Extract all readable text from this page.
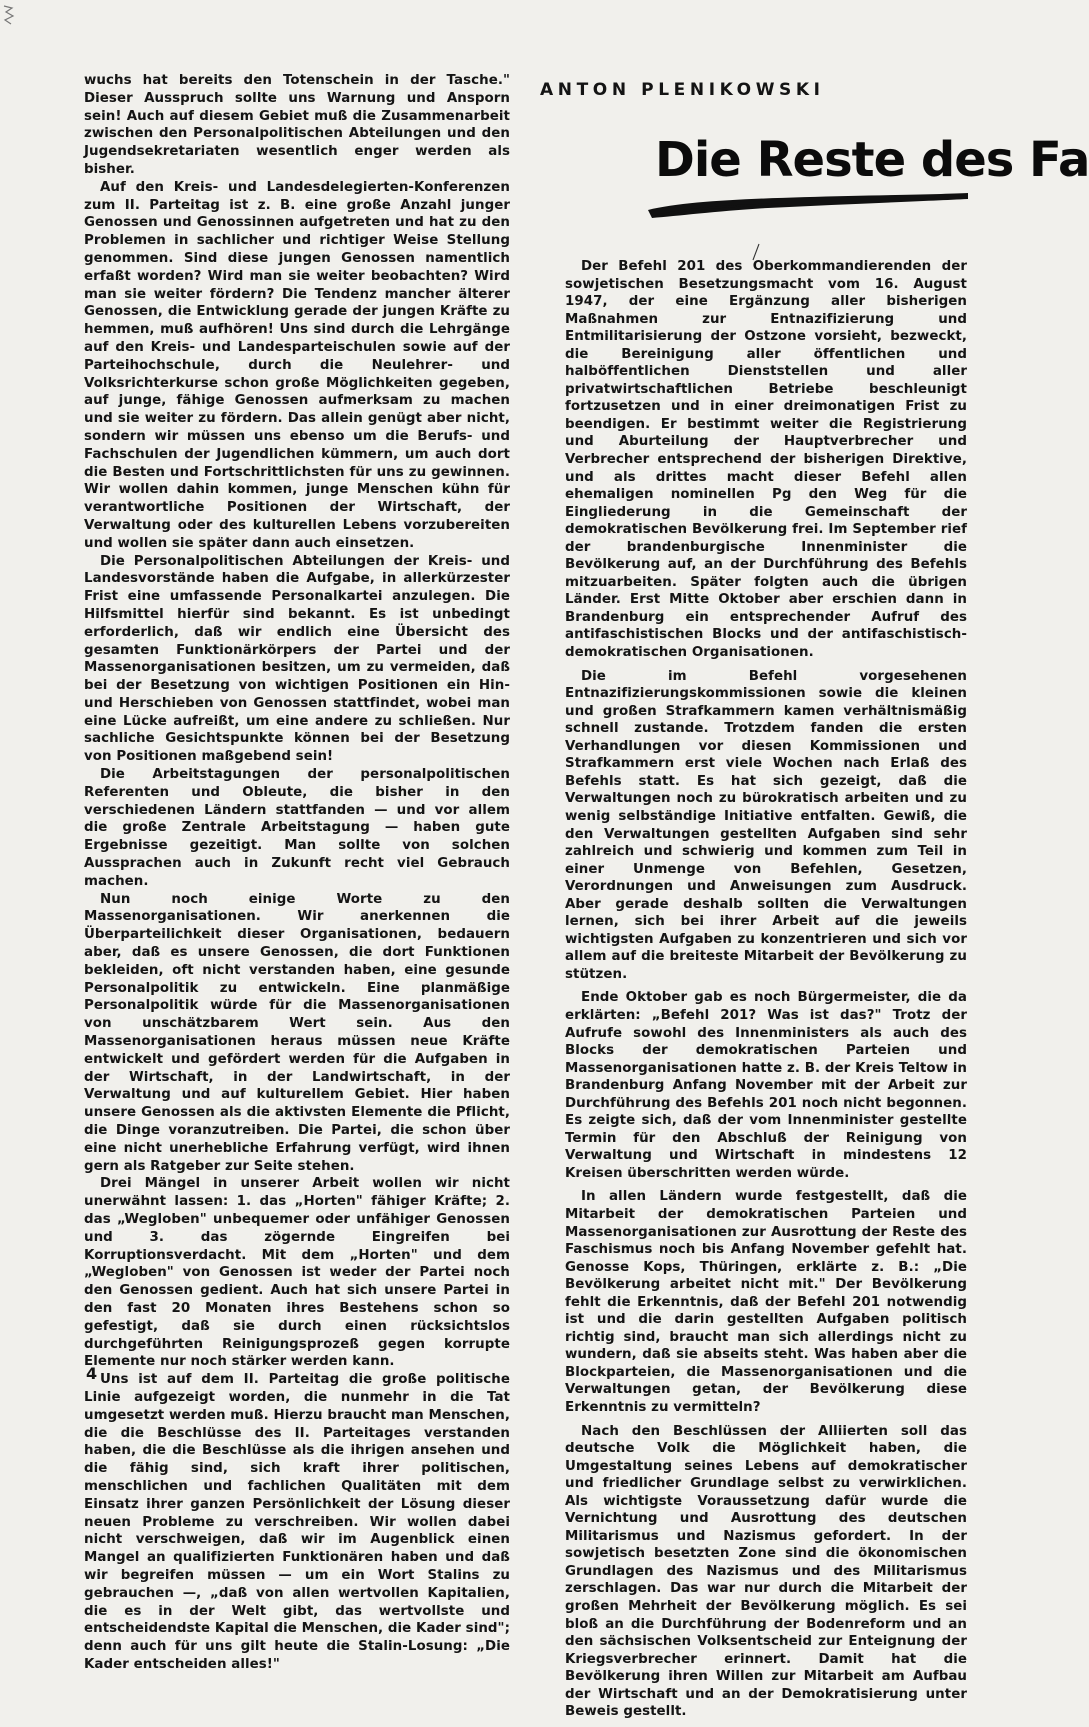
wuchs hat bereits den Totenschein in der Tasche." Dieser Ausspruch sollte uns Warnung und Ansporn sein! Auch auf diesem Gebiet muß die Zusammenarbeit zwischen den Personalpolitischen Abteilungen und den Jugendsekretariaten wesentlich enger werden als bisher.

Auf den Kreis- und Landesdelegierten-Konferenzen zum II. Parteitag ist z. B. eine große Anzahl junger Genossen und Genossinnen aufgetreten und hat zu den Problemen in sachlicher und richtiger Weise Stellung genommen. Sind diese jungen Genossen namentlich erfaßt worden? Wird man sie weiter beobachten? Wird man sie weiter fördern? Die Tendenz mancher älterer Genossen, die Entwicklung gerade der jungen Kräfte zu hemmen, muß aufhören! Uns sind durch die Lehrgänge auf den Kreis- und Landesparteischulen sowie auf der Parteihochschule, durch die Neulehrer- und Volksrichterkurse schon große Möglichkeiten gegeben, auf junge, fähige Genossen aufmerksam zu machen und sie weiter zu fördern. Das allein genügt aber nicht, sondern wir müssen uns ebenso um die Berufs- und Fachschulen der Jugendlichen kümmern, um auch dort die Besten und Fortschrittlichsten für uns zu gewinnen. Wir wollen dahin kommen, junge Menschen kühn für verantwortliche Positionen der Wirtschaft, der Verwaltung oder des kulturellen Lebens vorzubereiten und wollen sie später dann auch einsetzen.

Die Personalpolitischen Abteilungen der Kreis- und Landesvorstände haben die Aufgabe, in allerkürzester Frist eine umfassende Personalkartei anzulegen. Die Hilfsmittel hierfür sind bekannt. Es ist unbedingt erforderlich, daß wir endlich eine Übersicht des gesamten Funktionärkörpers der Partei und der Massenorganisationen besitzen, um zu vermeiden, daß bei der Besetzung von wichtigen Positionen ein Hin- und Herschieben von Genossen stattfindet, wobei man eine Lücke aufreißt, um eine andere zu schließen. Nur sachliche Gesichtspunkte können bei der Besetzung von Positionen maßgebend sein!

Die Arbeitstagungen der personalpolitischen Referenten und Obleute, die bisher in den verschiedenen Ländern stattfanden — und vor allem die große Zentrale Arbeitstagung — haben gute Ergebnisse gezeitigt. Man sollte von solchen Aussprachen auch in Zukunft recht viel Gebrauch machen.

Nun noch einige Worte zu den Massenorganisationen. Wir anerkennen die Überparteilichkeit dieser Organisationen, bedauern aber, daß es unsere Genossen, die dort Funktionen bekleiden, oft nicht verstanden haben, eine gesunde Personalpolitik zu entwickeln. Eine planmäßige Personalpolitik würde für die Massenorganisationen von unschätzbarem Wert sein. Aus den Massenorganisationen heraus müssen neue Kräfte entwickelt und gefördert werden für die Aufgaben in der Wirtschaft, in der Landwirtschaft, in der Verwaltung und auf kulturellem Gebiet. Hier haben unsere Genossen als die aktivsten Elemente die Pflicht, die Dinge voranzutreiben. Die Partei, die schon über eine nicht unerhebliche Erfahrung verfügt, wird ihnen gern als Ratgeber zur Seite stehen.

Drei Mängel in unserer Arbeit wollen wir nicht unerwähnt lassen: 1. das „Horten" fähiger Kräfte; 2. das „Wegloben" unbequemer oder unfähiger Genossen und 3. das zögernde Eingreifen bei Korruptionsverdacht. Mit dem „Horten" und dem „Wegloben" von Genossen ist weder der Partei noch den Genossen gedient. Auch hat sich unsere Partei in den fast 20 Monaten ihres Bestehens schon so gefestigt, daß sie durch einen rücksichtslos durchgeführten Reinigungsprozeß gegen korrupte Elemente nur noch stärker werden kann.

Uns ist auf dem II. Parteitag die große politische Linie aufgezeigt worden, die nunmehr in die Tat umgesetzt werden muß. Hierzu braucht man Menschen, die die Beschlüsse des II. Parteitages verstanden haben, die die Beschlüsse als die ihrigen ansehen und die fähig sind, sich kraft ihrer politischen, menschlichen und fachlichen Qualitäten mit dem Einsatz ihrer ganzen Persönlichkeit der Lösung dieser neuen Probleme zu verschreiben. Wir wollen dabei nicht verschweigen, daß wir im Augenblick einen Mangel an qualifizierten Funktionären haben und daß wir begreifen müssen — um ein Wort Stalins zu gebrauchen —, „daß von allen wertvollen Kapitalien, die es in der Welt gibt, das wertvollste und entscheidendste Kapital die Menschen, die Kader sind"; denn auch für uns gilt heute die Stalin-Losung: „Die Kader entscheiden alles!"

ANTON PLENIKOWSKI
Die Reste des Fa

Der Befehl 201 des Oberkommandierenden der sowjetischen Besetzungsmacht vom 16. August 1947, der eine Ergänzung aller bisherigen Maßnahmen zur Entnazifizierung und Entmilitarisierung der Ostzone vorsieht, bezweckt, die Bereinigung aller öffentlichen und halböffentlichen Dienststellen und aller privatwirtschaftlichen Betriebe beschleunigt fortzusetzen und in einer dreimonatigen Frist zu beendigen. Er bestimmt weiter die Registrierung und Aburteilung der Hauptverbrecher und Verbrecher entsprechend der bisherigen Direktive, und als drittes macht dieser Befehl allen ehemaligen nominellen Pg den Weg für die Eingliederung in die Gemeinschaft der demokratischen Bevölkerung frei. Im September rief der brandenburgische Innenminister die Bevölkerung auf, an der Durchführung des Befehls mitzuarbeiten. Später folgten auch die übrigen Länder. Erst Mitte Oktober aber erschien dann in Brandenburg ein entsprechender Aufruf des antifaschistischen Blocks und der antifaschistisch-demokratischen Organisationen.

Die im Befehl vorgesehenen Entnazifizierungskommissionen sowie die kleinen und großen Strafkammern kamen verhältnismäßig schnell zustande. Trotzdem fanden die ersten Verhandlungen vor diesen Kommissionen und Strafkammern erst viele Wochen nach Erlaß des Befehls statt. Es hat sich gezeigt, daß die Verwaltungen noch zu bürokratisch arbeiten und zu wenig selbständige Initiative entfalten. Gewiß, die den Verwaltungen gestellten Aufgaben sind sehr zahlreich und schwierig und kommen zum Teil in einer Unmenge von Befehlen, Gesetzen, Verordnungen und Anweisungen zum Ausdruck. Aber gerade deshalb sollten die Verwaltungen lernen, sich bei ihrer Arbeit auf die jeweils wichtigsten Aufgaben zu konzentrieren und sich vor allem auf die breiteste Mitarbeit der Bevölkerung zu stützen.

Ende Oktober gab es noch Bürgermeister, die da erklärten: „Befehl 201? Was ist das?" Trotz der Aufrufe sowohl des Innenministers als auch des Blocks der demokratischen Parteien und Massenorganisationen hatte z. B. der Kreis Teltow in Brandenburg Anfang November mit der Arbeit zur Durchführung des Befehls 201 noch nicht begonnen. Es zeigte sich, daß der vom Innenminister gestellte Termin für den Abschluß der Reinigung von Verwaltung und Wirtschaft in mindestens 12 Kreisen überschritten werden würde.

In allen Ländern wurde festgestellt, daß die Mitarbeit der demokratischen Parteien und Massenorganisationen zur Ausrottung der Reste des Faschismus noch bis Anfang November gefehlt hat. Genosse Kops, Thüringen, erklärte z. B.: „Die Bevölkerung arbeitet nicht mit." Der Bevölkerung fehlt die Erkenntnis, daß der Befehl 201 notwendig ist und die darin gestellten Aufgaben politisch richtig sind, braucht man sich allerdings nicht zu wundern, daß sie abseits steht. Was haben aber die Blockparteien, die Massenorganisationen und die Verwaltungen getan, der Bevölkerung diese Erkenntnis zu vermitteln?

Nach den Beschlüssen der Alliierten soll das deutsche Volk die Möglichkeit haben, die Umgestaltung seines Lebens auf demokratischer und friedlicher Grundlage selbst zu verwirklichen. Als wichtigste Voraussetzung dafür wurde die Vernichtung und Ausrottung des deutschen Militarismus und Nazismus gefordert. In der sowjetisch besetzten Zone sind die ökonomischen Grundlagen des Nazismus und des Militarismus zerschlagen. Das war nur durch die Mitarbeit der großen Mehrheit der Bevölkerung möglich. Es sei bloß an die Durchführung der Bodenreform und an den sächsischen Volksentscheid zur Enteignung der Kriegsverbrecher erinnert. Damit hat die Bevölkerung ihren Willen zur Mitarbeit am Aufbau der Wirtschaft und an der Demokratisierung unter Beweis gestellt.

4
